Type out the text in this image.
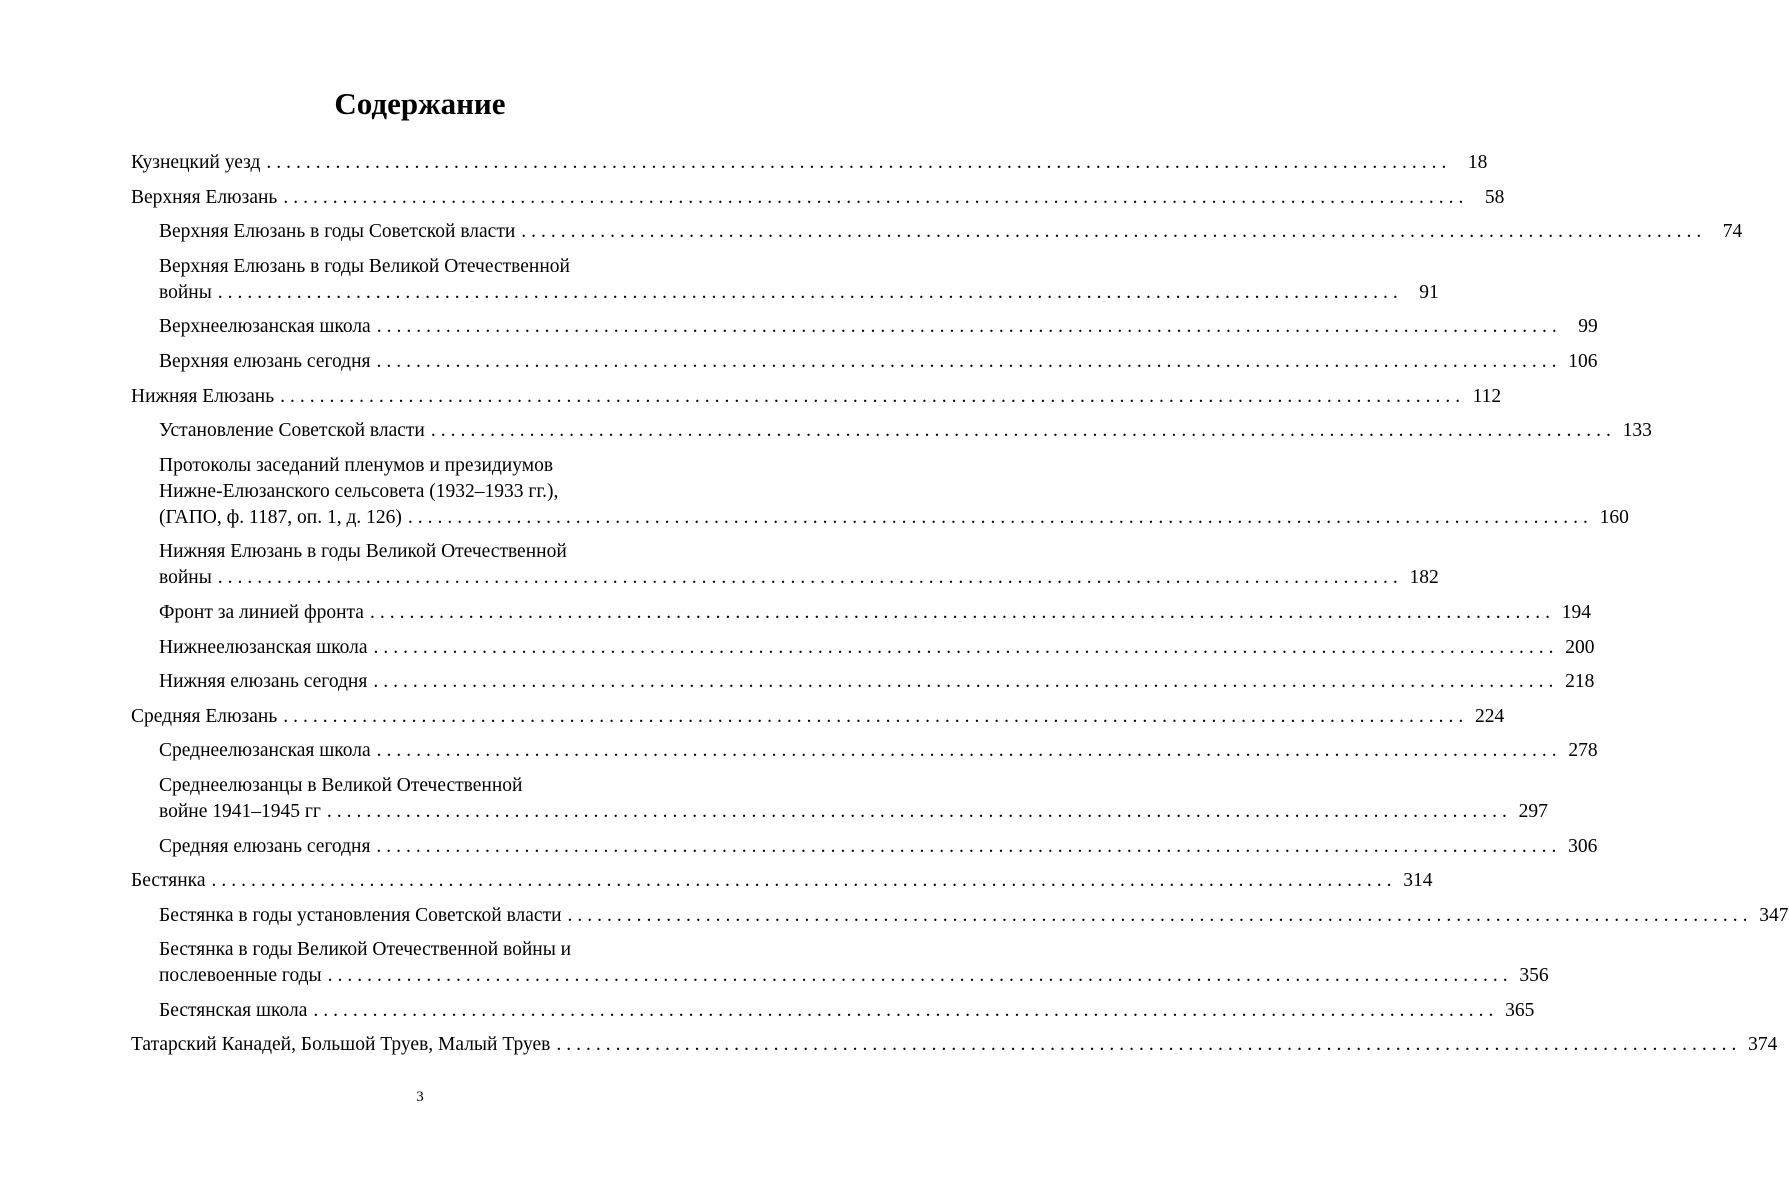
Содержание
Кузнецкий уезд ........................................................................................................................ 18
Верхняя Елюзань ........................................................................................................................ 58
Верхняя Елюзань в годы Советской власти ........................................................................................................................ 74
Верхняя Елюзань в годы Великой Отечественной
войны ........................................................................................................................ 91
Верхнеелюзанская школа ........................................................................................................................ 99
Верхняя елюзань сегодня ........................................................................................................................ 106
Нижняя Елюзань ........................................................................................................................ 112
Установление Советской власти ........................................................................................................................ 133
Протоколы заседаний пленумов и президиумов
Нижне-Елюзанского сельсовета (1932–1933 гг.),
(ГАПО, ф. 1187, оп. 1, д. 126) ........................................................................................................................ 160
Нижняя Елюзань в годы Великой Отечественной
войны ........................................................................................................................ 182
Фронт за линией фронта ........................................................................................................................ 194
Нижнеелюзанская школа ........................................................................................................................ 200
Нижняя елюзань сегодня ........................................................................................................................ 218
Средняя Елюзань ........................................................................................................................ 224
Среднеелюзанская школа ........................................................................................................................ 278
Среднеелюзанцы в Великой Отечественной
войне 1941–1945 гг ........................................................................................................................ 297
Средняя елюзань сегодня ........................................................................................................................ 306
Бестянка ........................................................................................................................ 314
Бестянка в годы установления Советской власти ........................................................................................................................ 347
Бестянка в годы Великой Отечественной войны и
послевоенные годы ........................................................................................................................ 356
Бестянская школа ........................................................................................................................ 365
Татарский Канадей, Большой Труев, Малый Труев ........................................................................................................................ 374
3
